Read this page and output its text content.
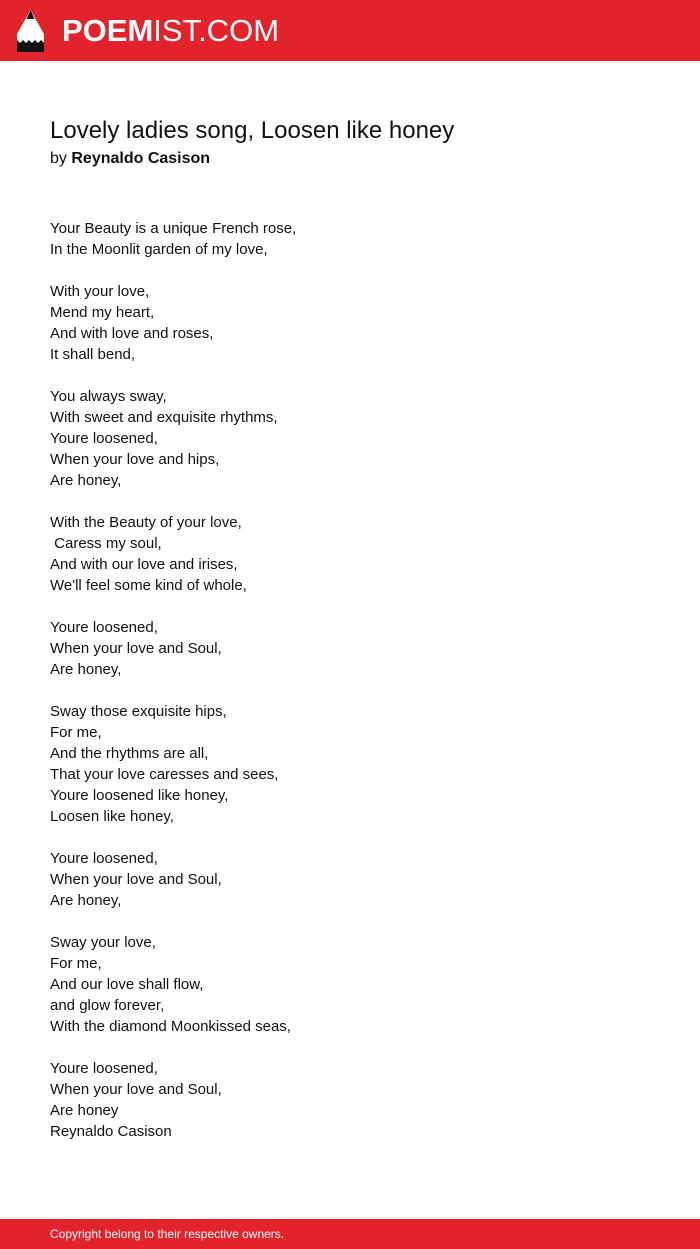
POEMIST.COM
Lovely ladies song, Loosen like honey
by Reynaldo Casison
Your Beauty is a unique French rose,
In the Moonlit garden of my love,

With your love,
Mend my heart,
And with love and roses,
It shall bend,

You always sway,
With sweet and exquisite rhythms,
Youre loosened,
When your love and hips,
Are honey,

With the Beauty of your love,
Caress my soul,
And with our love and irises,
We'll feel some kind of whole,

Youre loosened,
When your love and Soul,
Are honey,

Sway those exquisite hips,
For me,
And the rhythms are all,
That your love caresses and sees,
Youre loosened like honey,
Loosen like honey,

Youre loosened,
When your love and Soul,
Are honey,

Sway your love,
For me,
And our love shall flow,
and glow forever,
With the diamond Moonkissed seas,

Youre loosened,
When your love and Soul,
Are honey
Reynaldo Casison
Copyright belong to their respective owners.
